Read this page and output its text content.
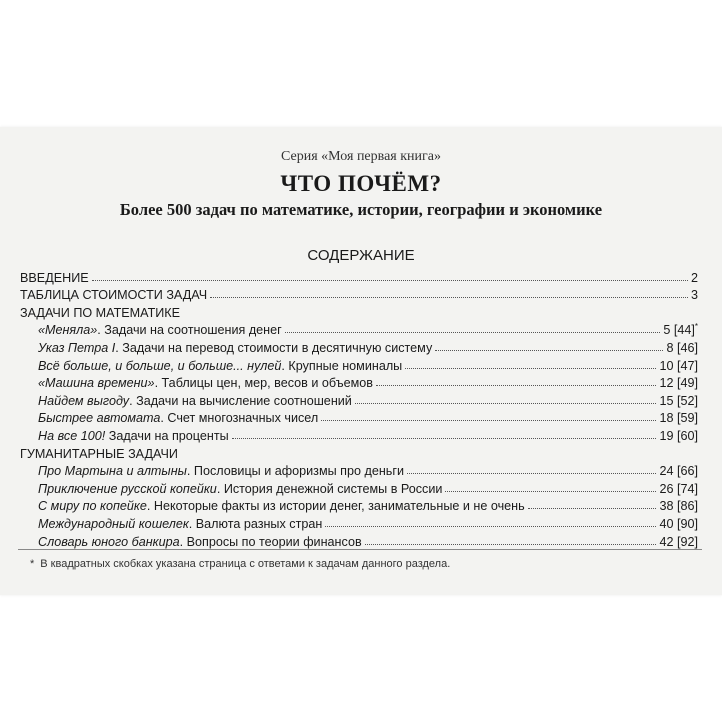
Серия «Моя первая книга»
ЧТО ПОЧЁМ?
Более 500 задач по математике, истории, географии и экономике
СОДЕРЖАНИЕ
ВВЕДЕНИЕ	2
ТАБЛИЦА СТОИМОСТИ ЗАДАЧ	3
ЗАДАЧИ ПО МАТЕМАТИКЕ
«Меняла». Задачи на соотношения денег	5 [44]*
Указ Петра I. Задачи на перевод стоимости в десятичную систему	8 [46]
Всё больше, и больше, и больше... нулей. Крупные номиналы	10 [47]
«Машина времени». Таблицы цен, мер, весов и объемов	12 [49]
Найдем выгоду. Задачи на вычисление соотношений	15 [52]
Быстрее автомата. Счет многозначных чисел	18 [59]
На все 100! Задачи на проценты	19 [60]
ГУМАНИТАРНЫЕ ЗАДАЧИ
Про Мартына и алтыны. Пословицы и афоризмы про деньги	24 [66]
Приключение русской копейки. История денежной системы в России	26 [74]
С миру по копейке. Некоторые факты из истории денег, занимательные и не очень	38 [86]
Международный кошелек. Валюта разных стран	40 [90]
Словарь юного банкира. Вопросы по теории финансов	42 [92]
* В квадратных скобках указана страница с ответами к задачам данного раздела.
